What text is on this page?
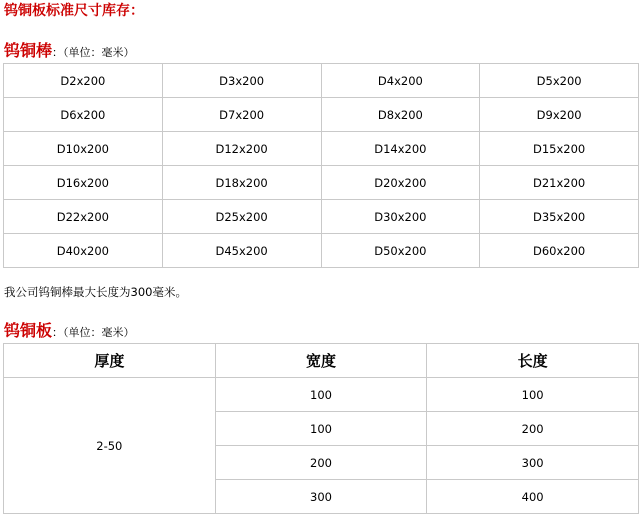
钨铜板标准尺寸库存：
钨铜棒：（单位：毫米）
D2x200	D3x200	D4x200	D5x200
D6x200	D7x200	D8x200	D9x200
D10x200	D12x200	D14x200	D15x200
D16x200	D18x200	D20x200	D21x200
D22x200	D25x200	D30x200	D35x200
D40x200	D45x200	D50x200	D60x200
我公司钨铜棒最大长度为300毫米。
钨铜板：（单位：毫米）
厚度	宽度	长度
2-50	100	100
	100	200
	200	300
	300	400
